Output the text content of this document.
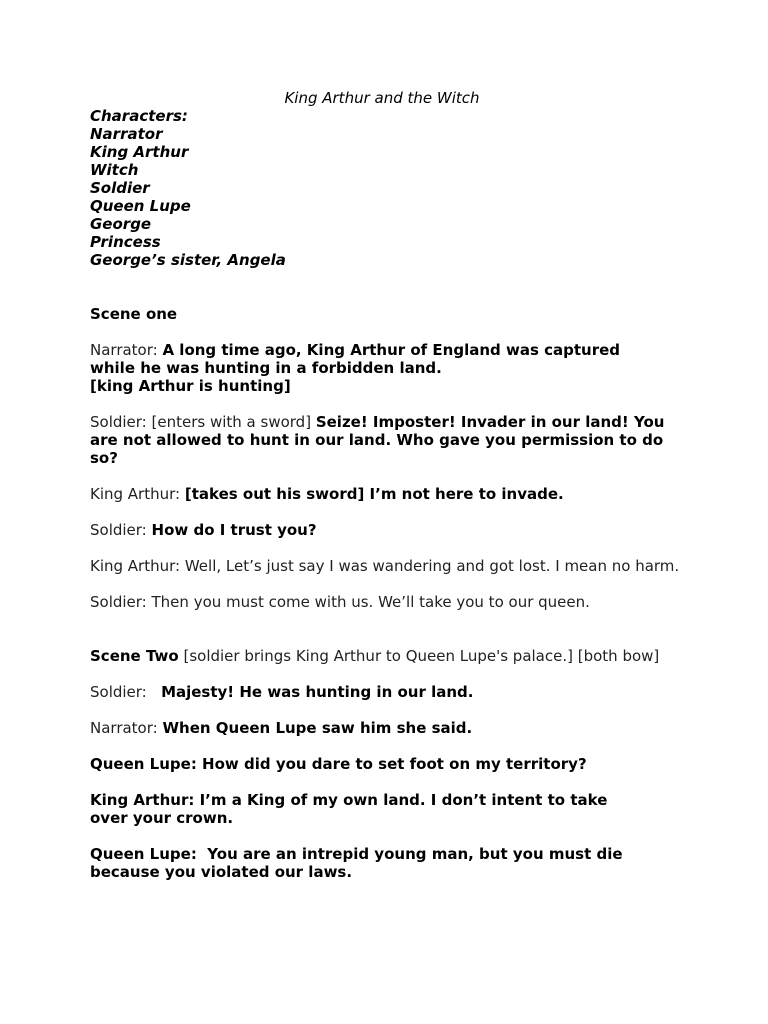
King Arthur and the Witch

Characters:
Narrator
King Arthur
Witch
Soldier
Queen Lupe
George
Princess
George’s sister, Angela

Scene one

Narrator: A long time ago, King Arthur of England was captured while he was hunting in a forbidden land.
[king Arthur is hunting]

Soldier: [enters with a sword] Seize! Imposter! Invader in our land! You are not allowed to hunt in our land. Who gave you permission to do so?

King Arthur: [takes out his sword] I’m not here to invade.

Soldier: How do I trust you?

King Arthur: Well, Let’s just say I was wandering and got lost. I mean no harm.

Soldier: Then you must come with us. We’ll take you to our queen.

Scene Two [soldier brings King Arthur to Queen Lupe's palace.] [both bow]

Soldier:   Majesty! He was hunting in our land.

Narrator: When Queen Lupe saw him she said.

Queen Lupe: How did you dare to set foot on my territory?

King Arthur: I’m a King of my own land. I don’t intent to take over your crown.

Queen Lupe:  You are an intrepid young man, but you must die because you violated our laws.
